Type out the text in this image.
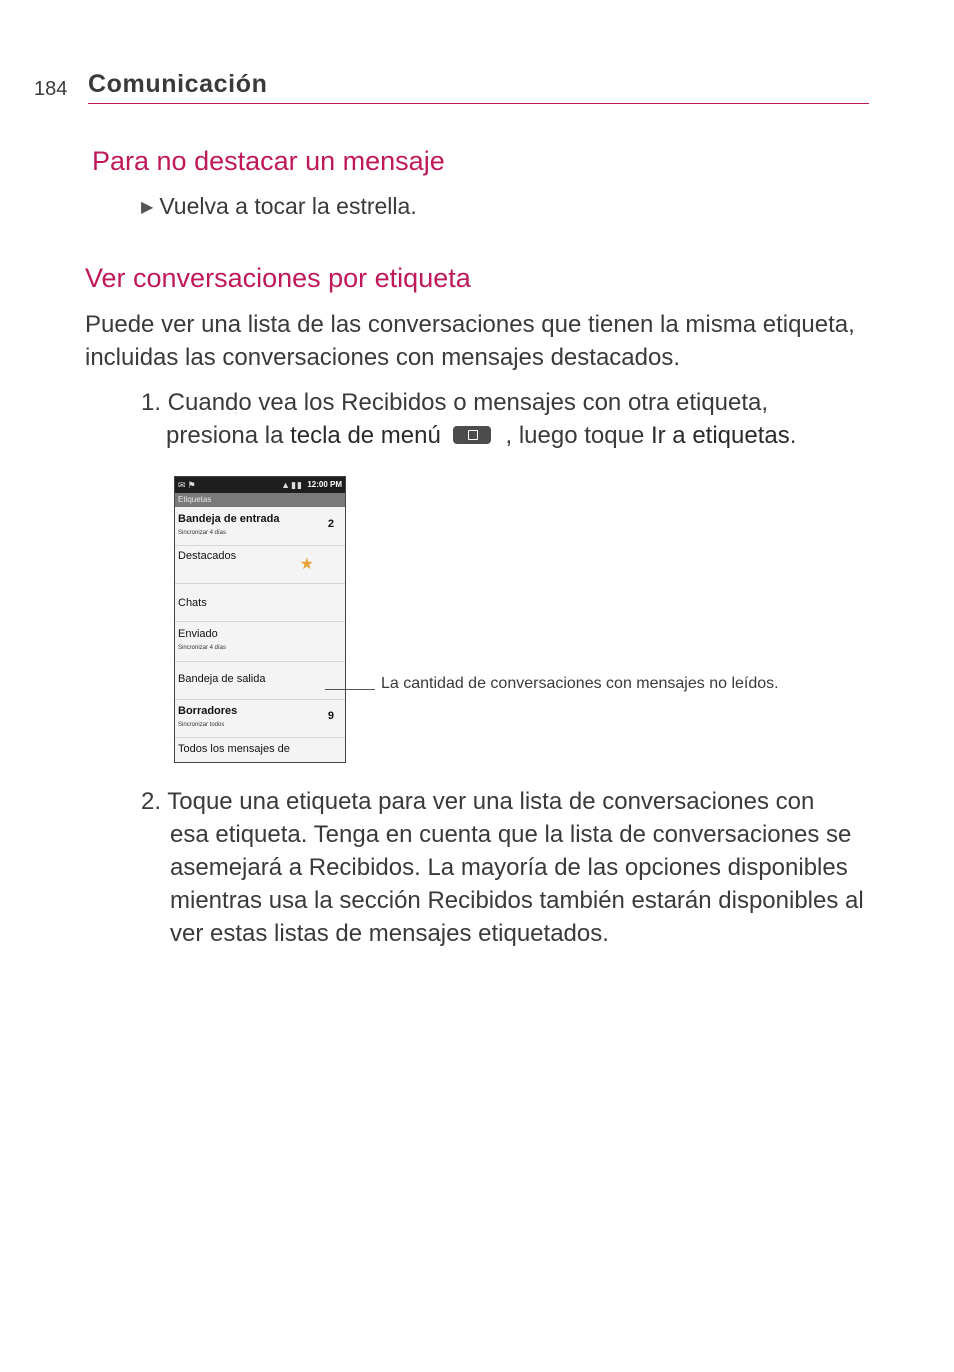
184 Comunicación
Para no destacar un mensaje
▶ Vuelva a tocar la estrella.
Ver conversaciones por etiqueta
Puede ver una lista de las conversaciones que tienen la misma etiqueta, incluidas las conversaciones con mensajes destacados.
1. Cuando vea los Recibidos o mensajes con otra etiqueta,
presiona la tecla de menú , luego toque Ir a etiquetas.
✉⚑	▲▮▮ 12:00 PM
Etiquetas
Bandeja de entrada
Sincronizar 4 días
2
Destacados	★
Chats
Enviado
Sincronizar 4 días
Bandeja de salida
Borradores
Sincronizar todos
9
Todos los mensajes de
La cantidad de conversaciones con mensajes no leídos.
2. Toque una etiqueta para ver una lista de conversaciones con
esa etiqueta. Tenga en cuenta que la lista de conversaciones se asemejará a Recibidos. La mayoría de las opciones disponibles mientras usa la sección Recibidos también estarán disponibles al ver estas listas de mensajes etiquetados.
